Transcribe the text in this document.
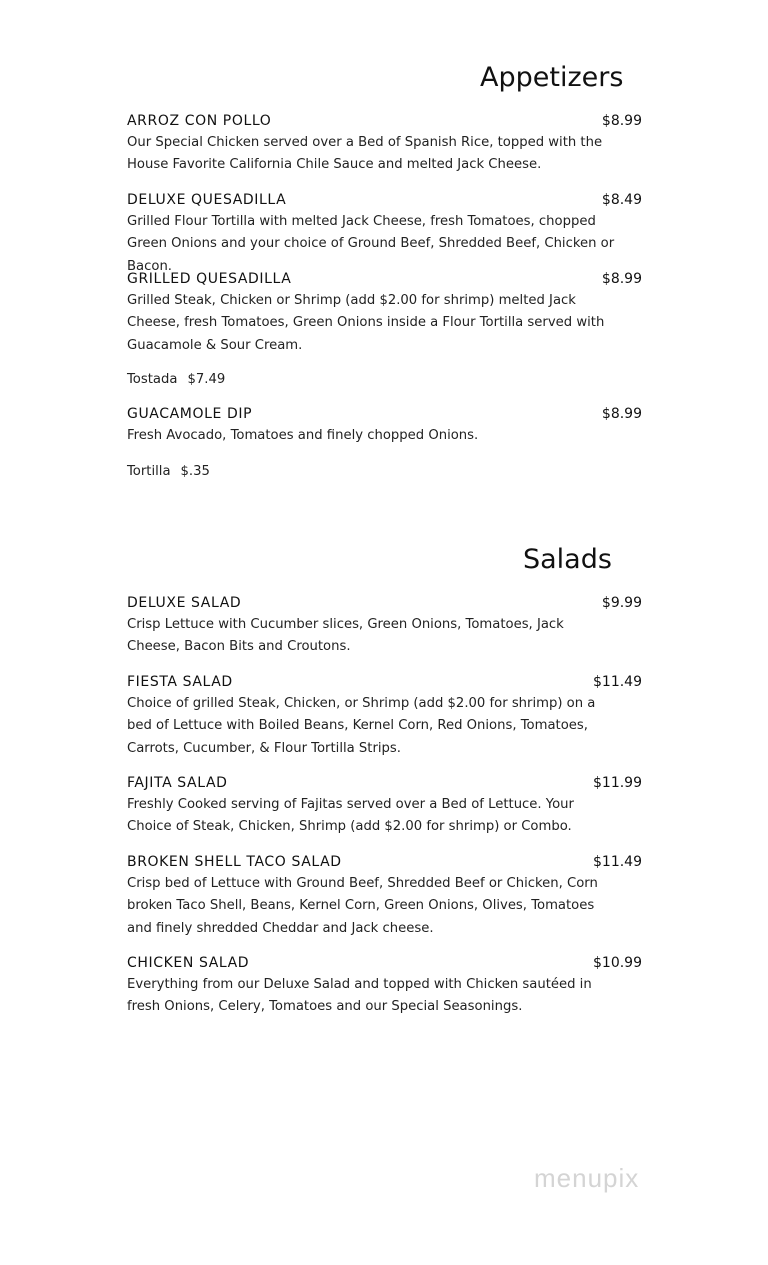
Appetizers
ARROZ CON POLLO	$8.99
Our Special Chicken served over a Bed of Spanish Rice, topped with the House Favorite California Chile Sauce and melted Jack Cheese.
DELUXE QUESADILLA	$8.49
Grilled Flour Tortilla with melted Jack Cheese, fresh Tomatoes, chopped Green Onions and your choice of Ground Beef, Shredded Beef, Chicken or Bacon.
GRILLED QUESADILLA	$8.99
Grilled Steak, Chicken or Shrimp (add $2.00 for shrimp) melted Jack Cheese, fresh Tomatoes, Green Onions inside a Flour Tortilla served with Guacamole & Sour Cream.
Tostada $7.49
GUACAMOLE DIP	$8.99
Fresh Avocado, Tomatoes and finely chopped Onions.
Tortilla $.35
Salads
DELUXE SALAD	$9.99
Crisp Lettuce with Cucumber slices, Green Onions, Tomatoes, Jack Cheese, Bacon Bits and Croutons.
FIESTA SALAD	$11.49
Choice of grilled Steak, Chicken, or Shrimp (add $2.00 for shrimp) on a bed of Lettuce with Boiled Beans, Kernel Corn, Red Onions, Tomatoes, Carrots, Cucumber, & Flour Tortilla Strips.
FAJITA SALAD	$11.99
Freshly Cooked serving of Fajitas served over a Bed of Lettuce. Your Choice of Steak, Chicken, Shrimp (add $2.00 for shrimp) or Combo.
BROKEN SHELL TACO SALAD	$11.49
Crisp bed of Lettuce with Ground Beef, Shredded Beef or Chicken, Corn broken Taco Shell, Beans, Kernel Corn, Green Onions, Olives, Tomatoes and finely shredded Cheddar and Jack cheese.
CHICKEN SALAD	$10.99
Everything from our Deluxe Salad and topped with Chicken sautéed in fresh Onions, Celery, Tomatoes and our Special Seasonings.
menupix
